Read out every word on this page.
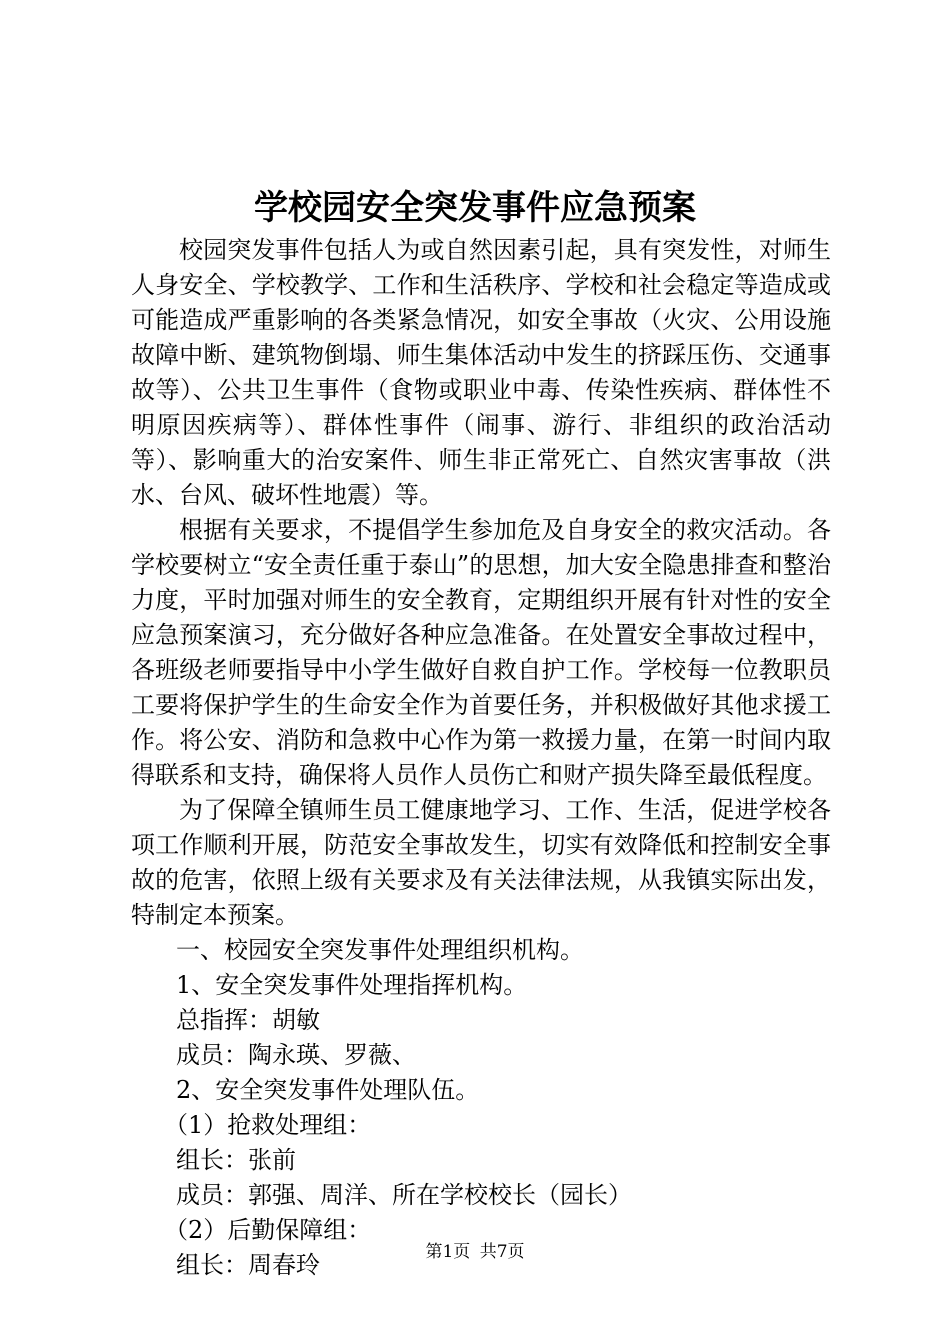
学校园安全突发事件应急预案

校园突发事件包括人为或自然因素引起，具有突发性，对师生人身安全、学校教学、工作和生活秩序、学校和社会稳定等造成或可能造成严重影响的各类紧急情况，如安全事故（火灾、公用设施故障中断、建筑物倒塌、师生集体活动中发生的挤踩压伤、交通事故等）、公共卫生事件（食物或职业中毒、传染性疾病、群体性不明原因疾病等）、群体性事件（闹事、游行、非组织的政治活动等）、影响重大的治安案件、师生非正常死亡、自然灾害事故（洪水、台风、破坏性地震）等。

根据有关要求，不提倡学生参加危及自身安全的救灾活动。各学校要树立“安全责任重于泰山”的思想，加大安全隐患排查和整治力度，平时加强对师生的安全教育，定期组织开展有针对性的安全应急预案演习，充分做好各种应急准备。在处置安全事故过程中，各班级老师要指导中小学生做好自救自护工作。学校每一位教职员工要将保护学生的生命安全作为首要任务，并积极做好其他求援工作。将公安、消防和急救中心作为第一救援力量，在第一时间内取得联系和支持，确保将人员作人员伤亡和财产损失降至最低程度。

为了保障全镇师生员工健康地学习、工作、生活，促进学校各项工作顺利开展，防范安全事故发生，切实有效降低和控制安全事故的危害，依照上级有关要求及有关法律法规，从我镇实际出发，特制定本预案。

一、校园安全突发事件处理组织机构。

1、安全突发事件处理指挥机构。

总指挥：胡敏

成员：陶永瑛、罗薇、

2、安全突发事件处理队伍。

（1）抢救处理组：

组长：张前

成员：郭强、周洋、所在学校校长（园长）

（2）后勤保障组：

组长：周春玲	第1页 共7页
